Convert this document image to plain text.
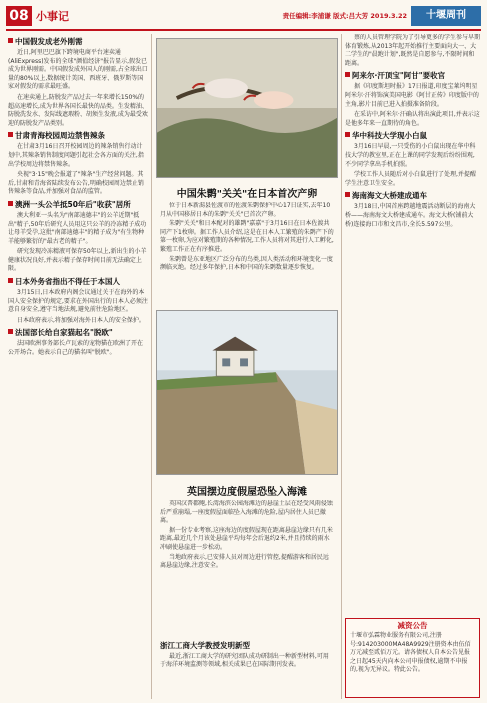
08 小事记	责任编辑:李浦谦 版式:吕大芳 2019.3.22	十堰周刊
中国假发成老外刚需

近日,阿里巴巴旗下跨境电商平台速卖通(AliExpress)发布的全球"颜值经济"报告显示,假发已成为世界刚需。中国假发成外国人的刚需,占全球出口量的80%以上,数据统计美国、西班牙、俄罗斯等国家对假发的需求最旺盛。

在速卖通上,防脱发产品过去一年来增长150%的超高速增长,成为世界各国长最快的品类。生发精油、防脱洗发水、发际线遮瑕粉、胡须生发液,成为最受欢迎的防脱发产品类别。

甘肃青海校园周边禁售辣条

在甘肃3月16日召开校园周边的辣条销售行动计划中,其辣条销售制度问题引起社会各方面的关注,指出学校周边将禁售辣条。

央视"3·15"晚会报道了"辣条"生产经营问题。其后,甘肃和青海省陆续发布公告,明确校园周边禁止销售辣条等食品,并加强对食品的监管。

澳洲一头公羊抵50年后"收获"居所

澳大利亚一头名为"南部迪德丰"的公羊近期"抵出"精子,50年后研究人员用这只公羊的冷冻精子成功让母羊受孕,这批"南部迪德丰"的精子成为"有生物种羊能够繁衍的"最古老的精子"。

研究发现冷冻精液可保存50年以上,新出生的小羊健康状况良好,并表示精子保存时间目前无法确定上限。

日本外务省指出不得任于本国人

3月15日,日本政府内阁会议通过关于在海外的本国人安全保护的规定,要求在外国出行的日本人必须注意自身安全,遵守当地法规,避免前往危险地区。

日本政府表示,将加强对海外日本人的安全保护。

法国部长给自家猫起名"脱欧"

法国欧洲事务部长卢瓦索的宠物猫在欧洲了开在公开场合。她表示自己的猫名叫"脱欧"。

中国朱鹮"关关"在日本首次产卵

位于日本新潟县佐渡市的佐渡朱鹮保护中心17日证实,去年10月从中国移居日本的朱鹮"关关"已首次产卵。

朱鹮"关关"和日本配对的雄鹮"嘉嘉"于3月16日在日本佐渡共同产下1枚卵。据工作人员介绍,这是在日本人工繁殖的朱鹮产下的第一枚卵,为应对繁殖期的各种情况,工作人员将对其进行人工孵化,繁殖工作正在有序推进。

朱鹮曾是东亚地区广泛分布的鸟类,因人类活动和环境变化一度濒临灭绝。经过多年保护,日本和中国的朱鹮数量逐步恢复。

英国摆边度假屋恐坠入海滩

英国汉普郡鲍,长湾海滨公园海滩边的悬崖土层在经受风雨侵蚀后严重崩塌,一座度假屋面临坠入海滩的危险,屋内居住人员已撤离。

据一份专业考察,这座海边的度假屋现在距离悬崖边缘只有几米距离,最近几个月该处悬崖平均每年会后退约2米,并且持续的雨水冲刷使悬崖进一步松动。

当地政府表示,已安排人员对周边进行管控,提醒游客和居民远离悬崖边缘,注意安全。

浙江工商大学教授发明新型

最近,浙江工商大学的研究团队成功研制出一种新型材料,可用于海洋环境监测等领域,相关成果已在国际期刊发表。

蔡的人员管理学院为了引导更多的学生参与早期体育锻炼,从2013年起开始推行主要面向大一、大二学生的"晨跑计划",既然是自愿参与,不限时间和距离。

阿来尔·汗顶宝"阿甘"要收官

据《印度斯坦时报》17日报道,印度宝莱坞明星阿米尔·汗将饰演美国电影《阿甘正传》印度版中的主角,影片目前已进入拍摄准备阶段。

在采访中,阿米尔·汗确认将出演此项目,并表示这是他多年来一直期待的角色。

华中科技大学现小白鼠

3月16日早晨,一只受伤的小白鼠出现在华中科技大学的教室里,正在上课的同学发现后纷纷围观,不少同学拿出手机拍照。

学校工作人员随后对小白鼠进行了处理,并提醒学生注意卫生安全。

海南海文大桥建成通车

3月18日,中国首座跨越地震活动断层的海南大桥——海南海文大桥建成通车。海文大桥(铺前大桥)连接海口市和文昌市,全长5.597公里。

减资公告
十堰市弘霖物业服务有限公司,注册号:914203000MA48A9929注册资本由伍佰万元减至贰佰万元。请各债权人自本公告见报之日起45天内向本公司申报债权,逾期不申报的,视为无异议。特此公告。
